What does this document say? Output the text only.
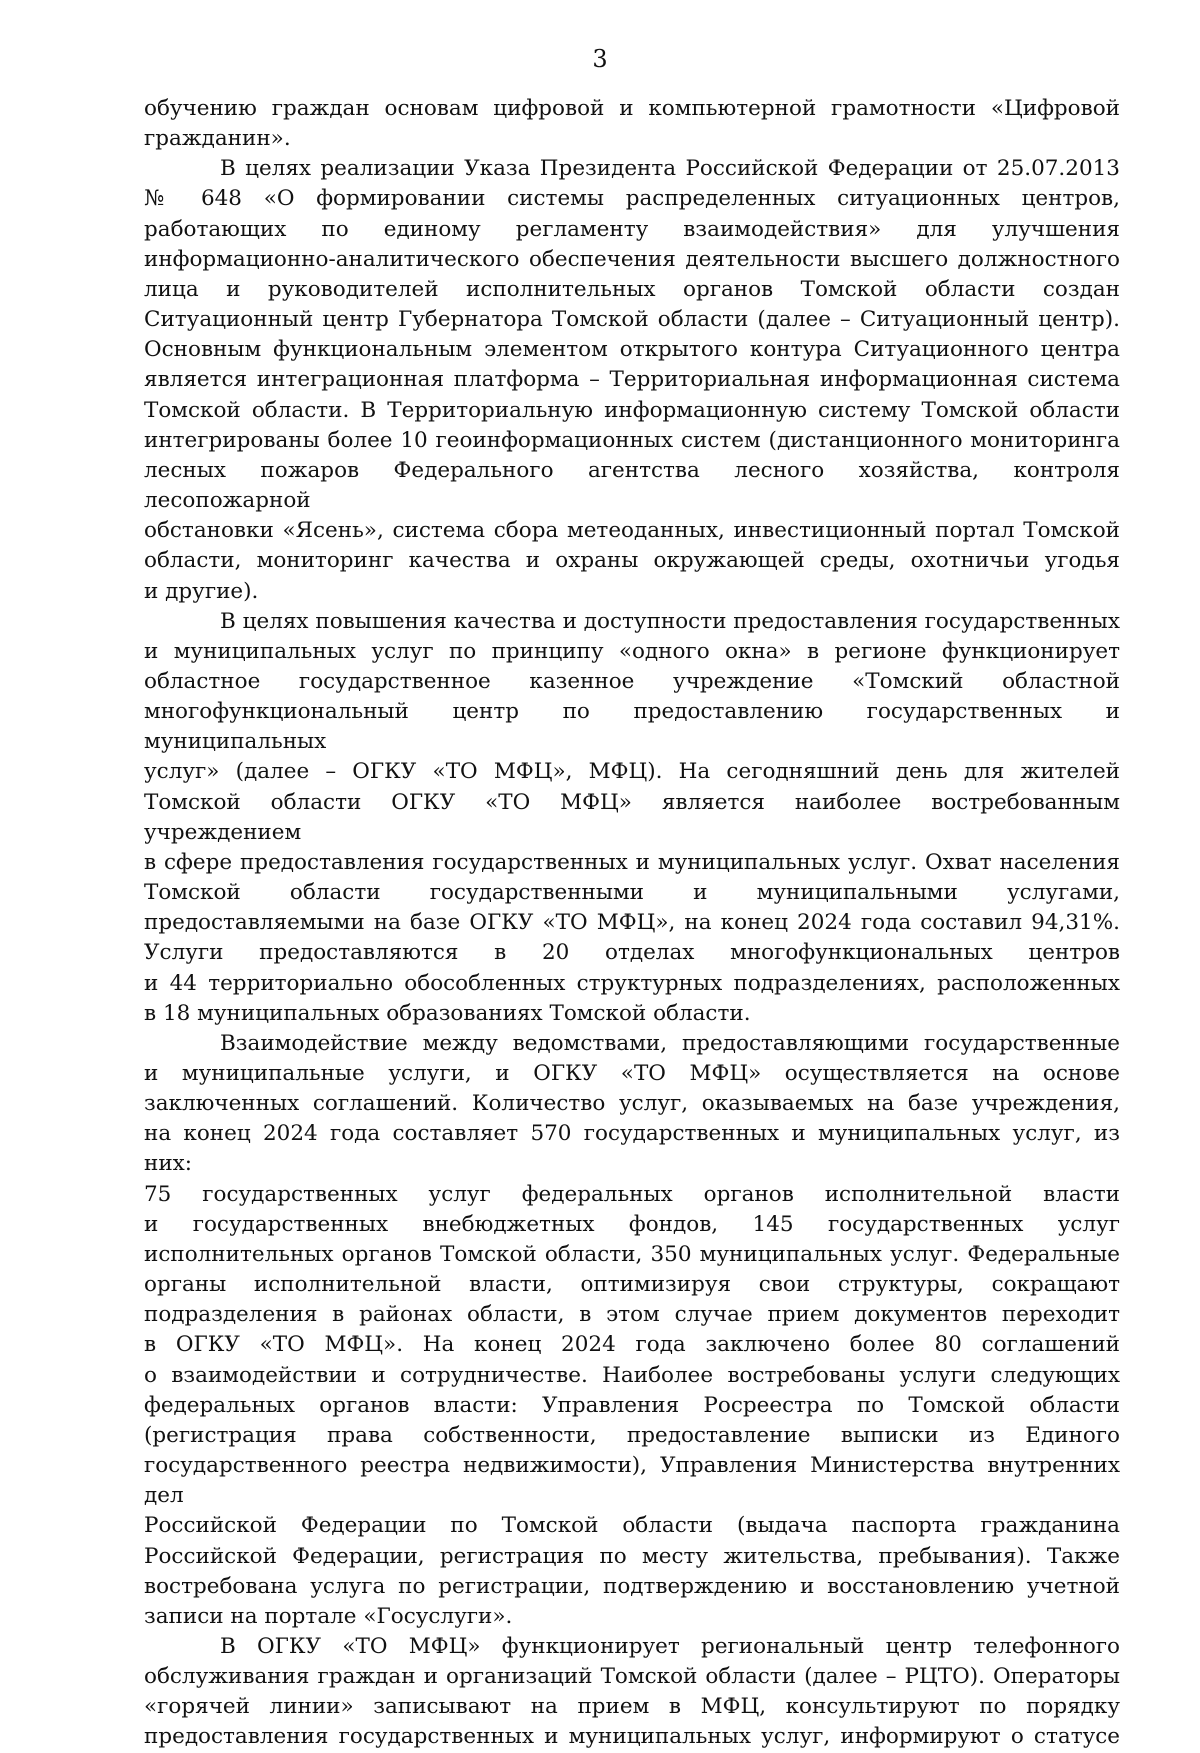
3

обучению граждан основам цифровой и компьютерной грамотности «Цифровой

гражданин».

В целях реализации Указа Президента Российской Федерации от 25.07.2013

№ 648 «О формировании системы распределенных ситуационных центров,

работающих по единому регламенту взаимодействия» для улучшения

информационно-аналитического обеспечения деятельности высшего должностного

лица и руководителей исполнительных органов Томской области создан

Ситуационный центр Губернатора Томской области (далее – Ситуационный центр).

Основным функциональным элементом открытого контура Ситуационного центра

является интеграционная платформа – Территориальная информационная система

Томской области. В Территориальную информационную систему Томской области

интегрированы более 10 геоинформационных систем (дистанционного мониторинга

лесных пожаров Федерального агентства лесного хозяйства, контроля лесопожарной

обстановки «Ясень», система сбора метеоданных, инвестиционный портал Томской

области, мониторинг качества и охраны окружающей среды, охотничьи угодья

и другие).

В целях повышения качества и доступности предоставления государственных

и муниципальных услуг по принципу «одного окна» в регионе функционирует

областное государственное казенное учреждение «Томский областной

многофункциональный центр по предоставлению государственных и муниципальных

услуг» (далее – ОГКУ «ТО МФЦ», МФЦ). На сегодняшний день для жителей

Томской области ОГКУ «ТО МФЦ» является наиболее востребованным учреждением

в сфере предоставления государственных и муниципальных услуг. Охват населения

Томской области государственными и муниципальными услугами,

предоставляемыми на базе ОГКУ «ТО МФЦ», на конец 2024 года составил 94,31%.

Услуги предоставляются в 20 отделах многофункциональных центров

и 44 территориально обособленных структурных подразделениях, расположенных

в 18 муниципальных образованиях Томской области.

Взаимодействие между ведомствами, предоставляющими государственные

и муниципальные услуги, и ОГКУ «ТО МФЦ» осуществляется на основе

заключенных соглашений. Количество услуг, оказываемых на базе учреждения,

на конец 2024 года составляет 570 государственных и муниципальных услуг, из них:

75 государственных услуг федеральных органов исполнительной власти

и государственных внебюджетных фондов, 145 государственных услуг

исполнительных органов Томской области, 350 муниципальных услуг. Федеральные

органы исполнительной власти, оптимизируя свои структуры, сокращают

подразделения в районах области, в этом случае прием документов переходит

в ОГКУ «ТО МФЦ». На конец 2024 года заключено более 80 соглашений

о взаимодействии и сотрудничестве. Наиболее востребованы услуги следующих

федеральных органов власти: Управления Росреестра по Томской области

(регистрация права собственности, предоставление выписки из Единого

государственного реестра недвижимости), Управления Министерства внутренних дел

Российской Федерации по Томской области (выдача паспорта гражданина

Российской Федерации, регистрация по месту жительства, пребывания). Также

востребована услуга по регистрации, подтверждению и восстановлению учетной

записи на портале «Госуслуги».

В ОГКУ «ТО МФЦ» функционирует региональный центр телефонного

обслуживания граждан и организаций Томской области (далее – РЦТО). Операторы

«горячей линии» записывают на прием в МФЦ, консультируют по порядку

предоставления государственных и муниципальных услуг, информируют о статусе
